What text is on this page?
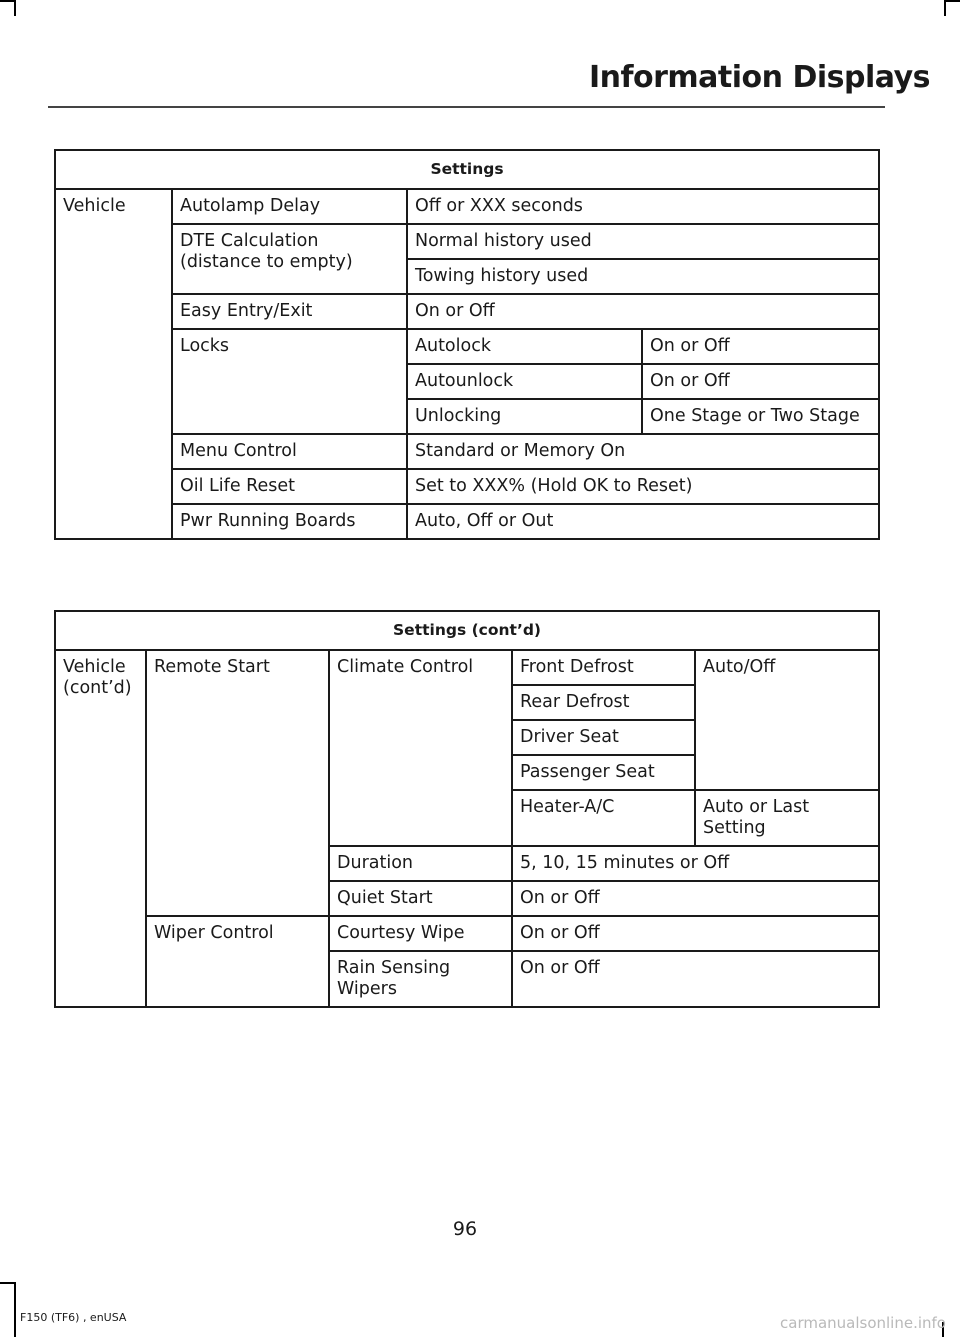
Information Displays
Settings			
Vehicle	Autolamp Delay	Off or XXX seconds	
	DTE Calculation (distance to empty)	Normal history used	
		Towing history used	
	Easy Entry/Exit	On or Off	
	Locks	Autolock	On or Off
		Autounlock	On or Off
		Unlocking	One Stage or Two Stage
	Menu Control	Standard or Memory On	
	Oil Life Reset	Set to XXX% (Hold OK to Reset)	
	Pwr Running Boards	Auto, Off or Out	
Settings (cont’d)				
Vehicle (cont’d)	Remote Start	Climate Control	Front Defrost	Auto/Off
			Rear Defrost	
			Driver Seat	
			Passenger Seat	
			Heater-A/C	Auto or Last Setting
		Duration	5, 10, 15 minutes or Off	
		Quiet Start	On or Off	
	Wiper Control	Courtesy Wipe	On or Off	
		Rain Sensing Wipers	On or Off	
96
F150 (TF6) , enUSA	carmanualsonline.info
